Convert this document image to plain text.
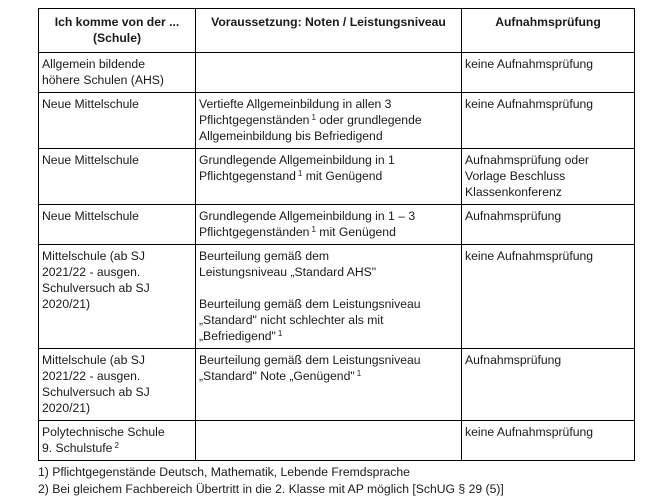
Ich komme von der ...
(Schule)	Voraussetzung: Noten / Leistungsniveau	Aufnahmsprüfung

Allgemein bildende
höhere Schulen (AHS)		keine Aufnahmsprüfung

Neue Mittelschule	Vertiefte Allgemeinbildung in allen 3
Pflichtgegenständen $^1$ oder grundlegende
Allgemeinbildung bis Befriedigend	keine Aufnahmsprüfung

Neue Mittelschule	Grundlegende Allgemeinbildung in 1
Pflichtgegenstand $^1$ mit Genügend	Aufnahmsprüfung oder
Vorlage Beschluss
Klassenkonferenz

Neue Mittelschule	Grundlegende Allgemeinbildung in 1 – 3
Pflichtgegenständen $^1$ mit Genügend	Aufnahmsprüfung

Mittelschule (ab SJ
2021/22 - ausgen.
Schulversuch ab SJ
2020/21)	Beurteilung gemäß dem
Leistungsniveau „Standard AHS"
Beurteilung gemäß dem Leistungsniveau
„Standard" nicht schlechter als mit
„Befriedigend" $^1$	keine Aufnahmsprüfung

Mittelschule (ab SJ
2021/22 - ausgen.
Schulversuch ab SJ
2020/21)	Beurteilung gemäß dem Leistungsniveau
„Standard" Note „Genügend" $^1$	Aufnahmsprüfung

Polytechnische Schule
9. Schulstufe $^2$		keine Aufnahmsprüfung
1) Pflichtgegenstände Deutsch, Mathematik, Lebende Fremdsprache
2) Bei gleichem Fachbereich Übertritt in die 2. Klasse mit AP möglich [SchUG § 29 (5)]
